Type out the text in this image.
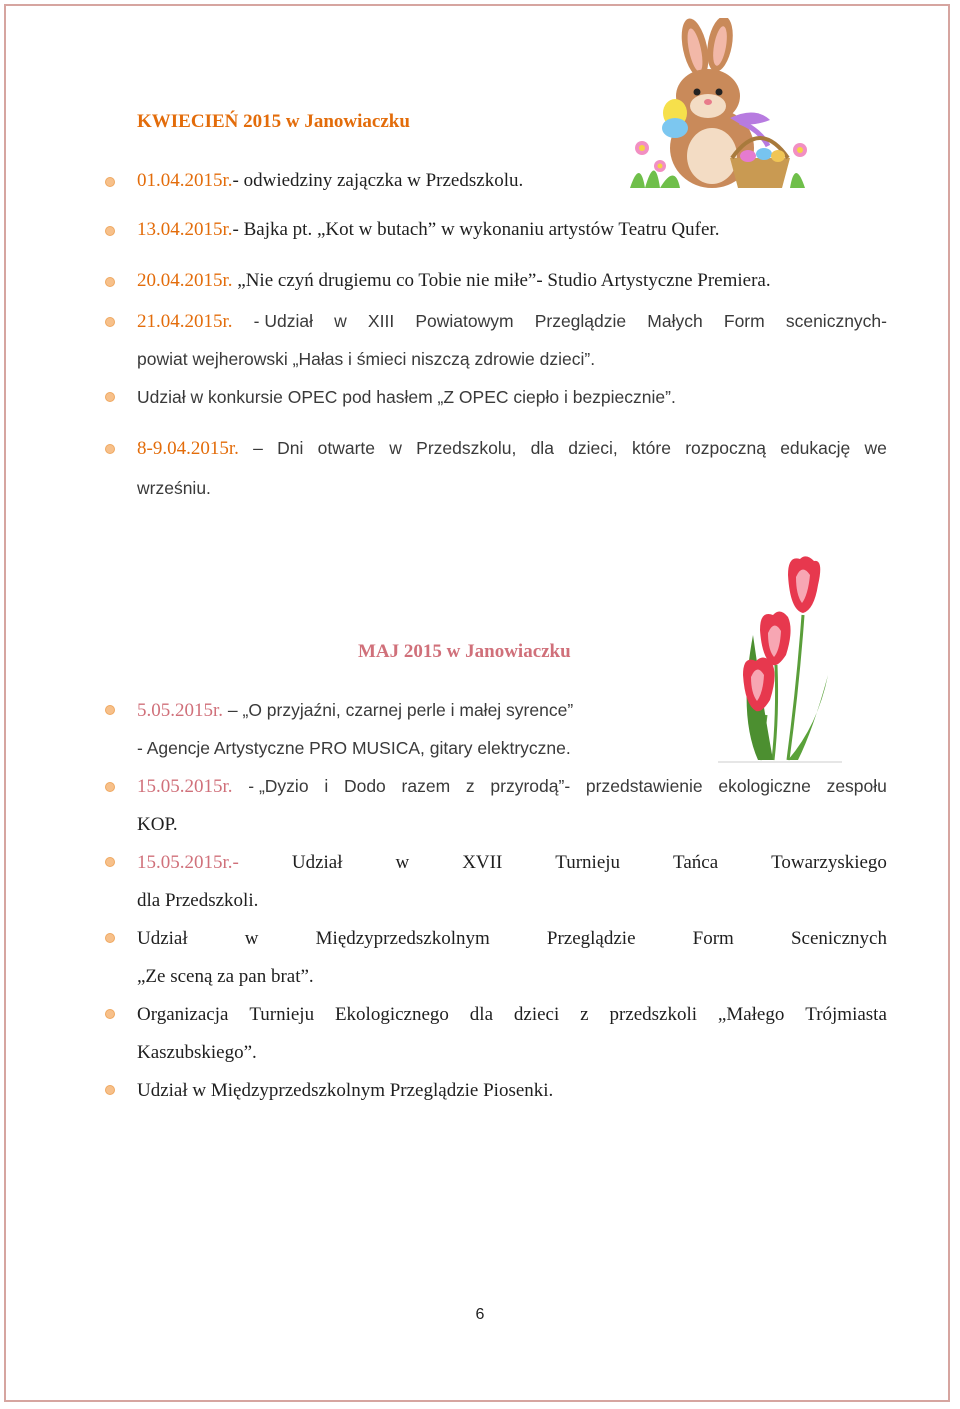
KWIECIEŃ 2015 w Janowiaczku
01.04.2015r.- odwiedziny zajączka w Przedszkolu.
13.04.2015r.- Bajka pt. „Kot w butach” w wykonaniu artystów Teatru Qufer.
20.04.2015r. „Nie czyń drugiemu co Tobie nie miłe”- Studio Artystyczne Premiera.
21.04.2015r. - Udział w XIII Powiatowym Przeglądzie Małych Form scenicznych-
powiat wejherowski „Hałas i śmieci niszczą zdrowie dzieci”.
Udział w konkursie OPEC pod hasłem „Z OPEC ciepło i bezpiecznie”.
8-9.04.2015r. – Dni otwarte w Przedszkolu, dla dzieci, które rozpoczną edukację we
wrześniu.
MAJ 2015 w Janowiaczku
5.05.2015r. – „O przyjaźni, czarnej perle i małej syrence”
- Agencje Artystyczne PRO MUSICA, gitary elektryczne.
15.05.2015r. - „Dyzio i Dodo razem z przyrodą”- przedstawienie ekologiczne zespołu
KOP.
15.05.2015r.-	Udział	w	XVII	Turnieju	Tańca	Towarzyskiego
dla Przedszkoli.
Udział	w	Międzyprzedszkolnym	Przeglądzie	Form	Scenicznych
„Ze sceną za pan brat”.
Organizacja Turnieju Ekologicznego dla dzieci z przedszkoli „Małego Trójmiasta
Kaszubskiego”.
Udział w Międzyprzedszkolnym Przeglądzie Piosenki.
6
